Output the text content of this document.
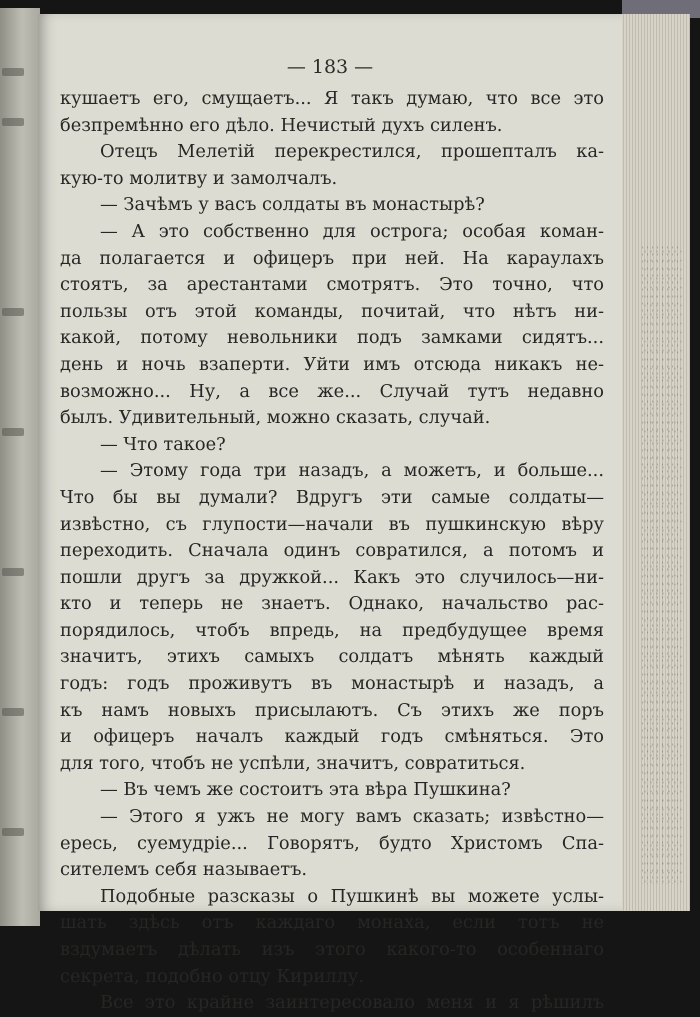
— 183 —
кушаетъ его, смущаетъ... Я такъ думаю, что все это
безпремѣнно его дѣло. Нечистый духъ силенъ.
Отецъ Мелетій перекрестился, прошепталъ ка-
кую-то молитву и замолчалъ.
— Зачѣмъ у васъ солдаты въ монастырѣ?
— А это собственно для острога; особая коман-
да полагается и офицеръ при ней. На караулахъ
стоятъ, за арестантами смотрятъ. Это точно, что
пользы отъ этой команды, почитай, что нѣтъ ни-
какой, потому невольники подъ замками сидятъ...
день и ночь взаперти. Уйти имъ отсюда никакъ не-
возможно... Ну, а все же... Случай тутъ недавно
былъ. Удивительный, можно сказать, случай.
— Что такое?
— Этому года три назадъ, а можетъ, и больше...
Что бы вы думали? Вдругъ эти самые солдаты—
извѣстно, съ глупости—начали въ пушкинскую вѣру
переходить. Сначала одинъ совратился, а потомъ и
пошли другъ за дружкой... Какъ это случилось—ни-
кто и теперь не знаетъ. Однако, начальство рас-
порядилось, чтобъ впредь, на предбудущее время
значитъ, этихъ самыхъ солдатъ мѣнять каждый
годъ: годъ проживутъ въ монастырѣ и назадъ, а
къ намъ новыхъ присылаютъ. Съ этихъ же поръ
и офицеръ началъ каждый годъ смѣняться. Это
для того, чтобъ не успѣли, значитъ, совратиться.
— Въ чемъ же состоитъ эта вѣра Пушкина?
— Этого я ужъ не могу вамъ сказать; извѣстно—
ересь, суемудріе... Говорятъ, будто Христомъ Спа-
сителемъ себя называетъ.
Подобные разсказы о Пушкинѣ вы можете услы-
шать здѣсь отъ каждаго монаха, если тотъ не
вздумаетъ дѣлать изъ этого какого-то особеннаго
секрета, подобно отцу Кириллу.
Все это крайне заинтересовало меня и я рѣшилъ
